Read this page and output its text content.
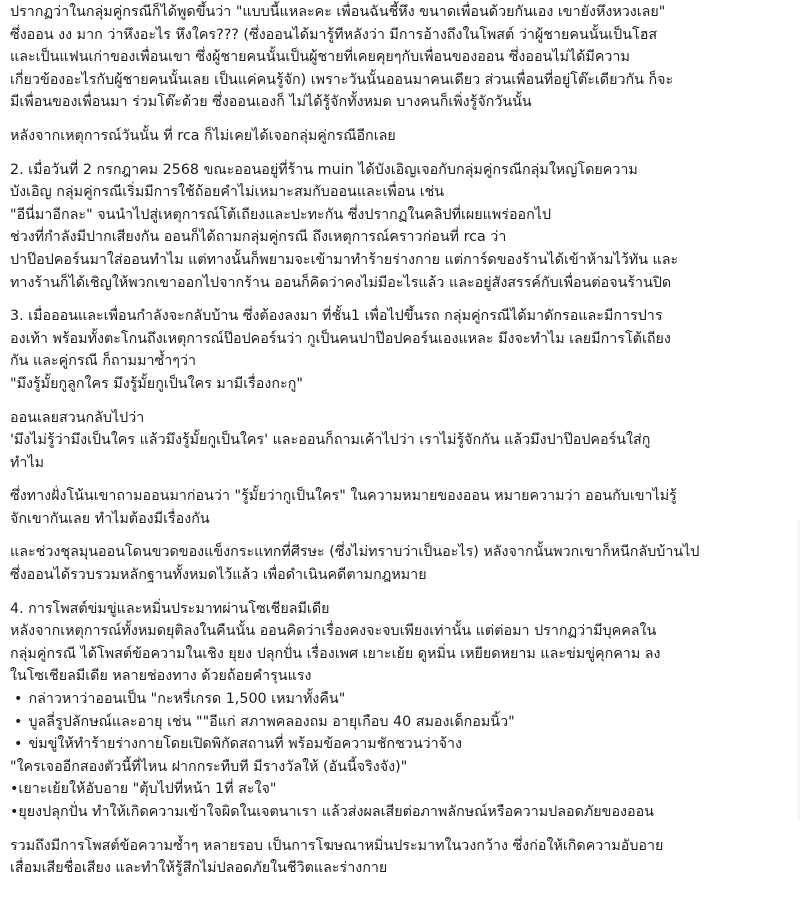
ปรากฏว่าในกลุ่มคู่กรณีก็ได้พูดขึ้นว่า "แบบนี้แหละคะ เพื่อนฉันชี้หึง ขนาดเพื่อนด้วยกันเอง เขายังหึงหวงเลย"
ซึ่งออน งง มาก ว่าหึงอะไร หึงใคร??? (ซึ่งออนได้มารู้ทีหลังว่า มีการอ้างถึงในโพสต์ ว่าผู้ชายคนนั้นเป็นโฮส
และเป็นแฟนเก่าของเพื่อนเขา ซึ่งผู้ชายคนนั้นเป็นผู้ชายที่เคยคุยๆกับเพื่อนของออน ซึ่งออนไม่ได้มีความ
เกี่ยวข้องอะไรกับผู้ชายคนนั้นเลย เป็นแค่คนรู้จัก) เพราะวันนั้นออนมาคนเดียว ส่วนเพื่อนที่อยู่โต๊ะเดียวกัน ก็จะ
มีเพื่อนของเพื่อนมา ร่วมโต๊ะด้วย ซึ่งออนเองก็ ไม่ได้รู้จักทั้งหมด บางคนก็เพิ่งรู้จักวันนั้น
หลังจากเหตุการณ์วันนั้น ที่ rca ก็ไม่เคยได้เจอกลุ่มคู่กรณีอีกเลย
2. เมื่อวันที่ 2 กรกฎาคม 2568 ขณะออนอยู่ที่ร้าน muin ได้บังเอิญเจอกับกลุ่มคู่กรณีกลุ่มใหญ่โดยความ
บังเอิญ กลุ่มคู่กรณีเริ่มมีการใช้ถ้อยคำไม่เหมาะสมกับออนและเพื่อน เช่น
"อีนี่มาอีกละ" จนนำไปสู่เหตุการณ์โต้เถียงและปะทะกัน ซึ่งปรากฏในคลิปที่เผยแพร่ออกไป
ช่วงที่กำลังมีปากเสียงกัน ออนก็ได้ถามกลุ่มคู่กรณี ถึงเหตุการณ์คราวก่อนที่ rca ว่า
ปาป๊อปคอร์นมาใส่ออนทำไม แต่ทางนั้นก็พยามจะเข้ามาทำร้ายร่างกาย แต่การ์ดของร้านได้เข้าห้ามไว้ทัน และ
ทางร้านก็ได้เชิญให้พวกเขาออกไปจากร้าน ออนก็คิดว่าคงไม่มีอะไรแล้ว และอยู่สังสรรค์กับเพื่อนต่อจนร้านปิด
3. เมื่อออนและเพื่อนกำลังจะกลับบ้าน ซึ่งต้องลงมา ที่ชั้น1 เพื่อไปขึ้นรถ กลุ่มคู่กรณีได้มาดักรอและมีการปาร
องเท้า พร้อมทั้งตะโกนถึงเหตุการณ์ป๊อปคอร์นว่า กูเป็นคนปาป๊อปคอร์นเองแหละ มึงจะทำไม เลยมีการโต้เถียง
กัน และคู่กรณี ก็ถามมาซ้ำๆว่า
"มึงรู้มั้ยกูลูกใคร มึงรู้มั้ยกูเป็นใคร มามีเรื่องกะกู"
ออนเลยสวนกลับไปว่า
'มึงไม่รู้ว่ามึงเป็นใคร แล้วมึงรู้มั้ยกูเป็นใคร' และออนก็ถามเค้าไปว่า เราไม่รู้จักกัน แล้วมึงปาป๊อปคอร์นใส่กู
ทำไม
ซึ่งทางฝั่งโน้นเขาถามออนมาก่อนว่า "รู้มั้ยว่ากูเป็นใคร" ในความหมายของออน หมายความว่า ออนกับเขาไม่รู้
จักเขากันเลย ทำไมต้องมีเรื่องกัน
และช่วงชุลมุนออนโดนขวดของแข็งกระแทกที่ศีรษะ (ซึ่งไม่ทราบว่าเป็นอะไร) หลังจากนั้นพวกเขาก็หนีกลับบ้านไป
ซึ่งออนได้รวบรวมหลักฐานทั้งหมดไว้แล้ว เพื่อดำเนินคดีตามกฎหมาย
4. การโพสต์ข่มขู่และหมิ่นประมาทผ่านโซเชียลมีเดีย
หลังจากเหตุการณ์ทั้งหมดยุติลงในคืนนั้น ออนคิดว่าเรื่องคงจะจบเพียงเท่านั้น แต่ต่อมา ปรากฏว่ามีบุคคลใน
กลุ่มคู่กรณี ได้โพสต์ข้อความในเชิง ยุยง ปลุกปั่น เรื่องเพศ เยาะเย้ย ดูหมิ่น เหยียดหยาม และข่มขู่คุกคาม ลง
ในโซเชียลมีเดีย หลายช่องทาง ด้วยถ้อยคำรุนแรง
• กล่าวหาว่าออนเป็น "กะหรี่เกรด 1,500 เหมาทั้งคืน"
• บูลลี่รูปลักษณ์และอายุ เช่น ""อีแก่ สภาพคลองถม อายุเกือบ 40 สมองเด็กอมนิ้ว"
• ข่มขู่ให้ทำร้ายร่างกายโดยเปิดพิกัดสถานที่ พร้อมข้อความชักชวนว่าจ้าง
"ใครเจออีกสองตัวนี้ที่ไหน ฝากกระทืบที มีรางวัลให้ (อันนี้จริงจัง)"
•เยาะเย้ยให้อับอาย "ตุ้บไปที่หน้า 1ที่ สะใจ"
•ยุยงปลุกปั่น ทำให้เกิดความเข้าใจผิดในเจตนาเรา แล้วส่งผลเสียต่อภาพลักษณ์หรือความปลอดภัยของออน
รวมถึงมีการโพสต์ข้อความซ้ำๆ หลายรอบ เป็นการโฆษณาหมิ่นประมาทในวงกว้าง ซึ่งก่อให้เกิดความอับอาย
เสื่อมเสียชื่อเสียง และทำให้รู้สึกไม่ปลอดภัยในชีวิตและร่างกาย
